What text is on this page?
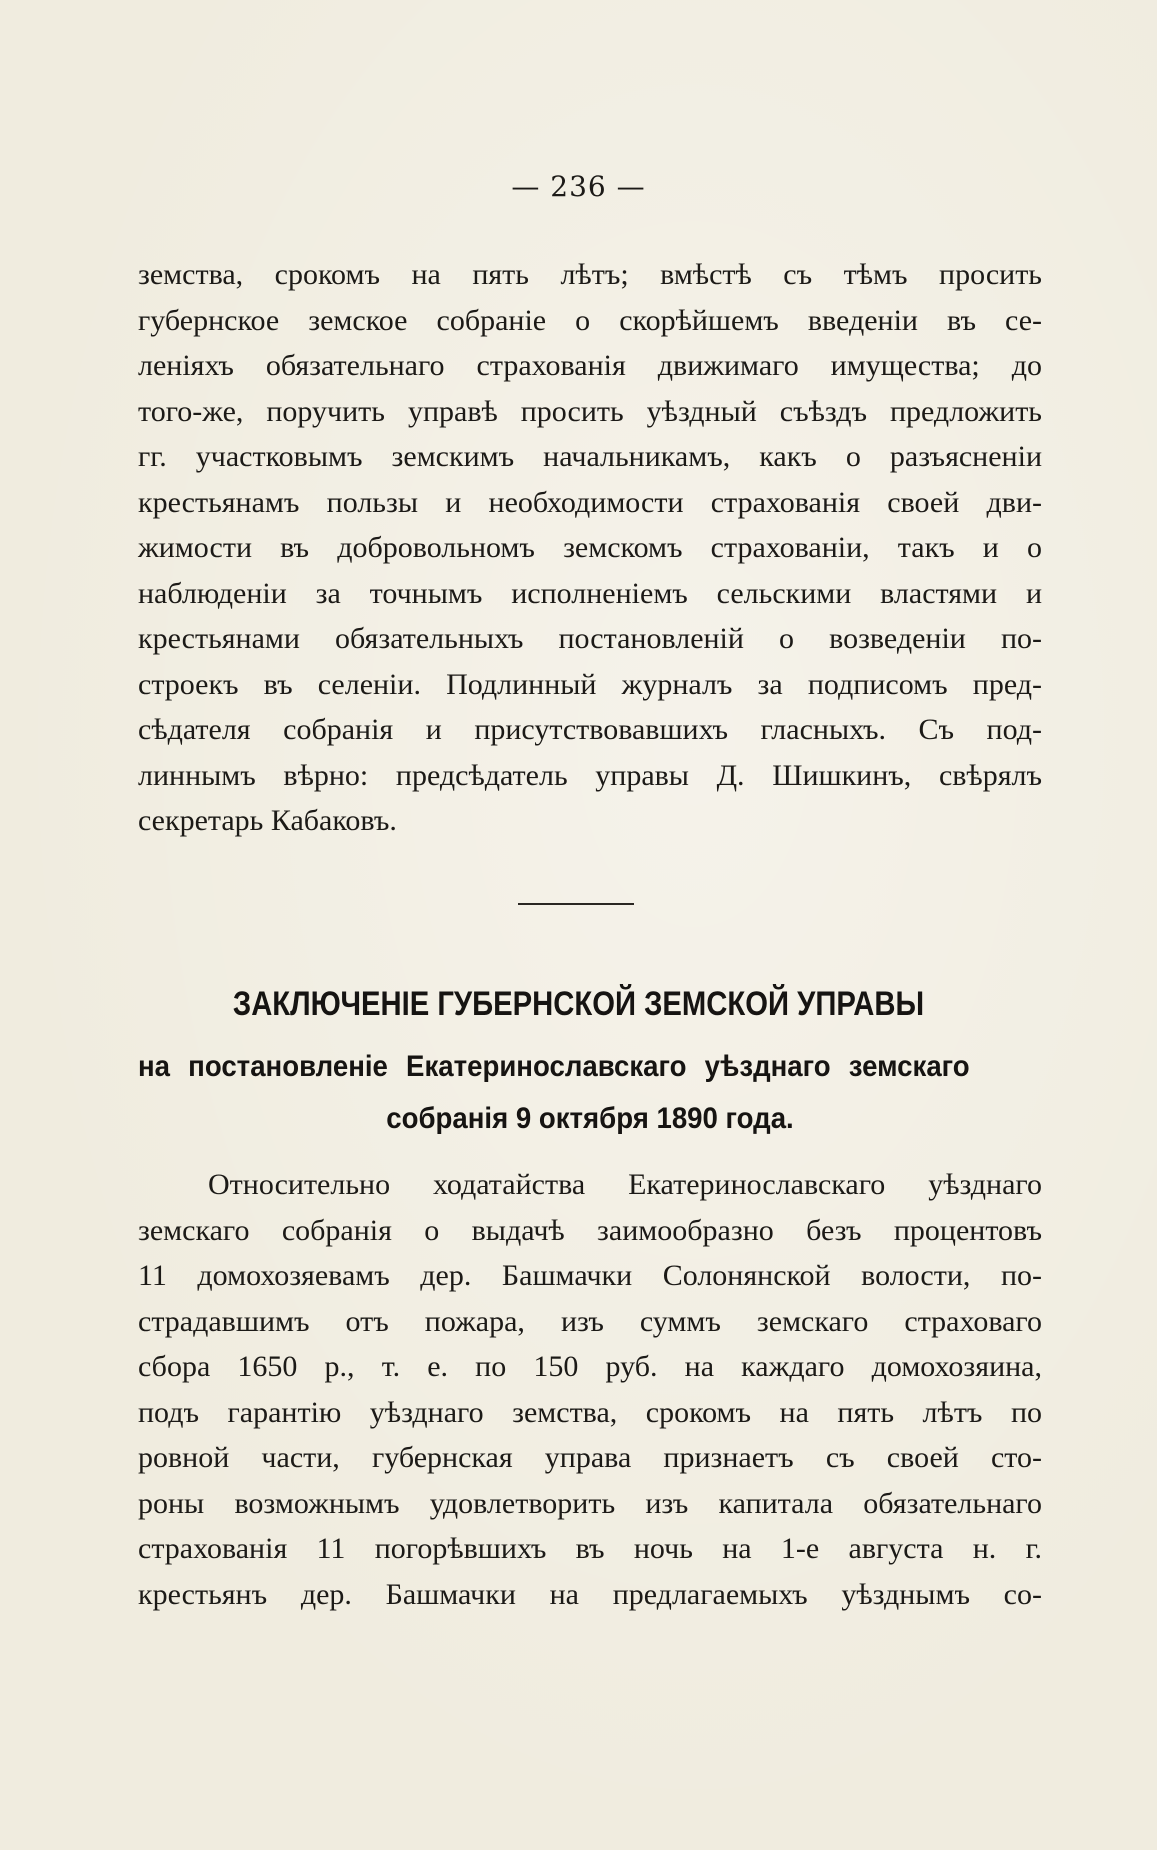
— 236 —
земства, срокомъ на пять лѣтъ; вмѣстѣ съ тѣмъ просить
губернское земское собраніе о скорѣйшемъ введеніи въ се-
леніяхъ обязательнаго страхованія движимаго имущества; до
того-же, поручить управѣ просить уѣздный съѣздъ предложить
гг. участковымъ земскимъ начальникамъ, какъ о разъясненіи
крестьянамъ пользы и необходимости страхованія своей дви-
жимости въ добровольномъ земскомъ страхованіи, такъ и о
наблюденіи за точнымъ исполненіемъ сельскими властями и
крестьянами обязательныхъ постановленій о возведеніи по-
строекъ въ селеніи. Подлинный журналъ за подписомъ пред-
сѣдателя собранія и присутствовавшихъ гласныхъ. Съ под-
линнымъ вѣрно: предсѣдатель управы Д. Шишкинъ, свѣрялъ
секретарь Кабаковъ.
ЗАКЛЮЧЕНІЕ ГУБЕРНСКОЙ ЗЕМСКОЙ УПРАВЫ
на постановленіе Екатеринославскаго уѣзднаго земскаго
собранія 9 октября 1890 года.
Относительно ходатайства Екатеринославскаго уѣзднаго
земскаго собранія о выдачѣ заимообразно безъ процентовъ
11 домохозяевамъ дер. Башмачки Солонянской волости, по-
страдавшимъ отъ пожара, изъ суммъ земскаго страховаго
сбора 1650 р., т. е. по 150 руб. на каждаго домохозяина,
подъ гарантію уѣзднаго земства, срокомъ на пять лѣтъ по
ровной части, губернская управа признаетъ съ своей сто-
роны возможнымъ удовлетворить изъ капитала обязательнаго
страхованія 11 погорѣвшихъ въ ночь на 1-е августа н. г.
крестьянъ дер. Башмачки на предлагаемыхъ уѣзднымъ со-
